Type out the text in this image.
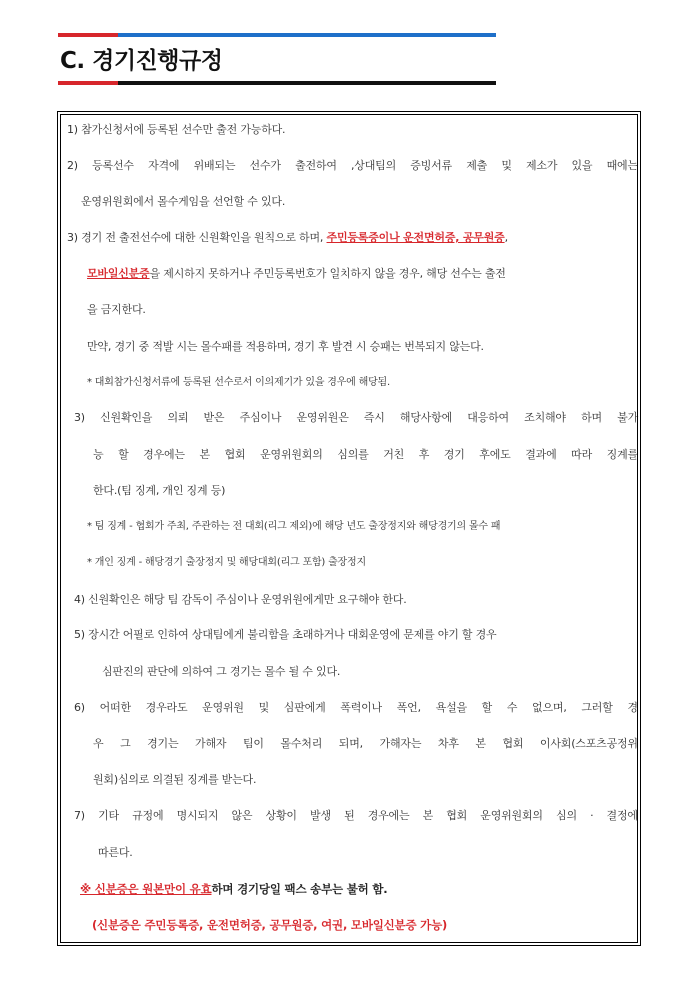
C. 경기진행규정
1) 참가신청서에 등록된 선수만 출전 가능하다.
2) 등록선수 자격에 위배되는 선수가 출전하여 ,상대팀의 증빙서류 제출 및 제소가 있을 때에는
운영위원회에서 몰수게임을 선언할 수 있다.
3) 경기 전 출전선수에 대한 신원확인을 원칙으로 하며, 주민등록증이나 운전면허증, 공무원증,
모바일신분증을 제시하지 못하거나 주민등록번호가 일치하지 않을 경우, 해당 선수는 출전
을 금지한다.
만약, 경기 중 적발 시는 몰수패를 적용하며, 경기 후 발견 시 승패는 번복되지 않는다.
* 대회참가신청서류에 등록된 선수로서 이의제기가 있을 경우에 해당됨.
3) 신원확인을 의뢰 받은 주심이나 운영위원은 즉시 해당사항에 대응하여 조치해야 하며 불가
능 할 경우에는 본 협회 운영위원회의 심의를 거친 후 경기 후에도 결과에 따라 징계를
한다.(팀 징계, 개인 징계 등)
* 팀 징계 - 협회가 주최, 주관하는 전 대회(리그 제외)에 해당 년도 출장정지와 해당경기의 몰수 패
* 개인 징계 - 해당경기 출장정지 및 해당대회(리그 포함) 출장정지
4) 신원확인은 해당 팀 감독이 주심이나 운영위원에게만 요구해야 한다.
5) 장시간 어필로 인하여 상대팀에게 불리함을 초래하거나 대회운영에 문제를 야기 할 경우
심판진의 판단에 의하여 그 경기는 몰수 될 수 있다.
6) 어떠한 경우라도 운영위원 및 심판에게 폭력이나 폭언, 욕설을 할 수 없으며, 그러할 경
우 그 경기는 가해자 팀이 몰수처리 되며, 가해자는 차후 본 협회 이사회(스포츠공정위
원회)심의로 의결된 징계를 받는다.
7) 기타 규정에 명시되지 않은 상황이 발생 된 경우에는 본 협회 운영위원회의 심의 · 결정에
따른다.
※ 신분증은 원본만이 유효하며 경기당일 팩스 송부는 불허 함.
(신분증은 주민등록증, 운전면허증, 공무원증, 여권, 모바일신분증 가능)
